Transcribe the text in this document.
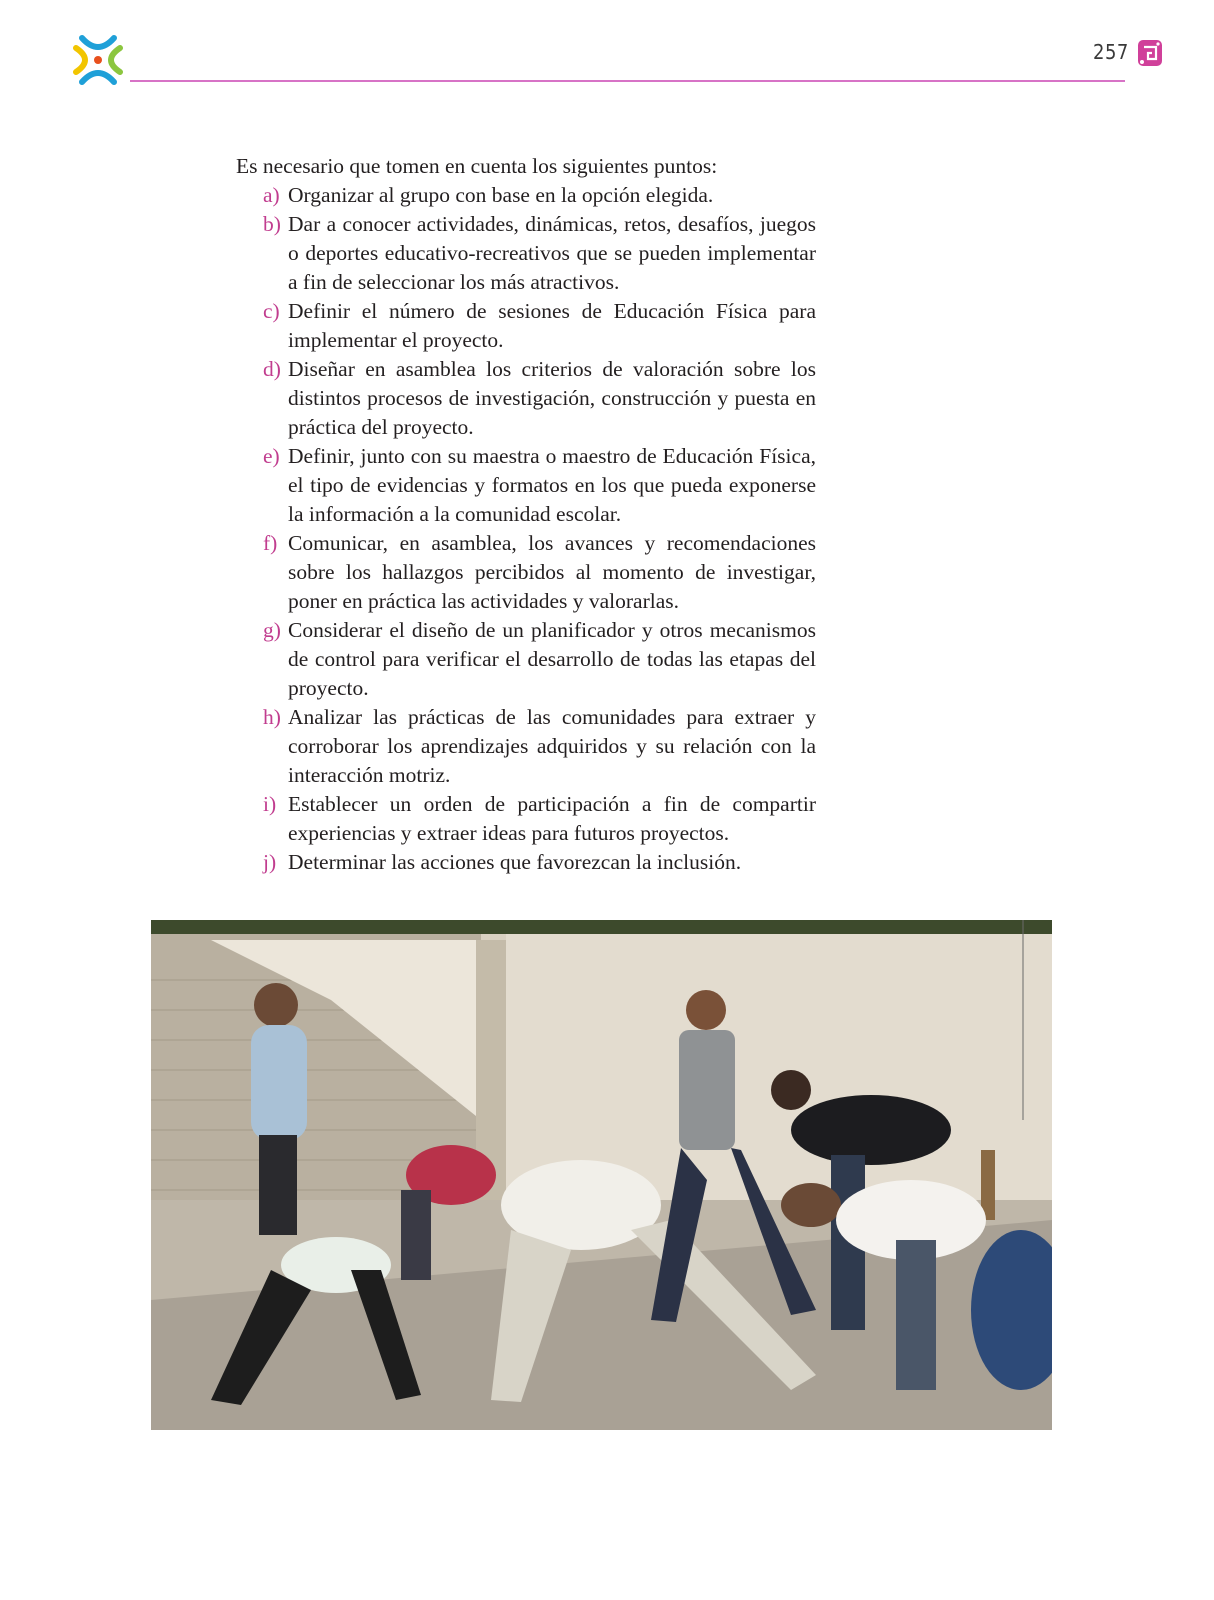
257

Es necesario que tomen en cuenta los siguientes puntos:

a) Organizar al grupo con base en la opción elegida.
b) Dar a conocer actividades, dinámicas, retos, desafíos, juegos o deportes educativo-recreativos que se pueden implementar a fin de seleccionar los más atractivos.
c) Definir el número de sesiones de Educación Física para implementar el proyecto.
d) Diseñar en asamblea los criterios de valoración sobre los distintos procesos de investigación, construcción y puesta en práctica del proyecto.
e) Definir, junto con su maestra o maestro de Educación Física, el tipo de evidencias y formatos en los que pueda exponerse la información a la comunidad escolar.
f) Comunicar, en asamblea, los avances y recomendaciones sobre los hallazgos percibidos al momento de investigar, poner en práctica las actividades y valorarlas.
g) Considerar el diseño de un planificador y otros mecanismos de control para verificar el desarrollo de todas las etapas del proyecto.
h) Analizar las prácticas de las comunidades para extraer y corroborar los aprendizajes adquiridos y su relación con la interacción motriz.
i) Establecer un orden de participación a fin de compartir experiencias y extraer ideas para futuros proyectos.
j) Determinar las acciones que favorezcan la inclusión.
